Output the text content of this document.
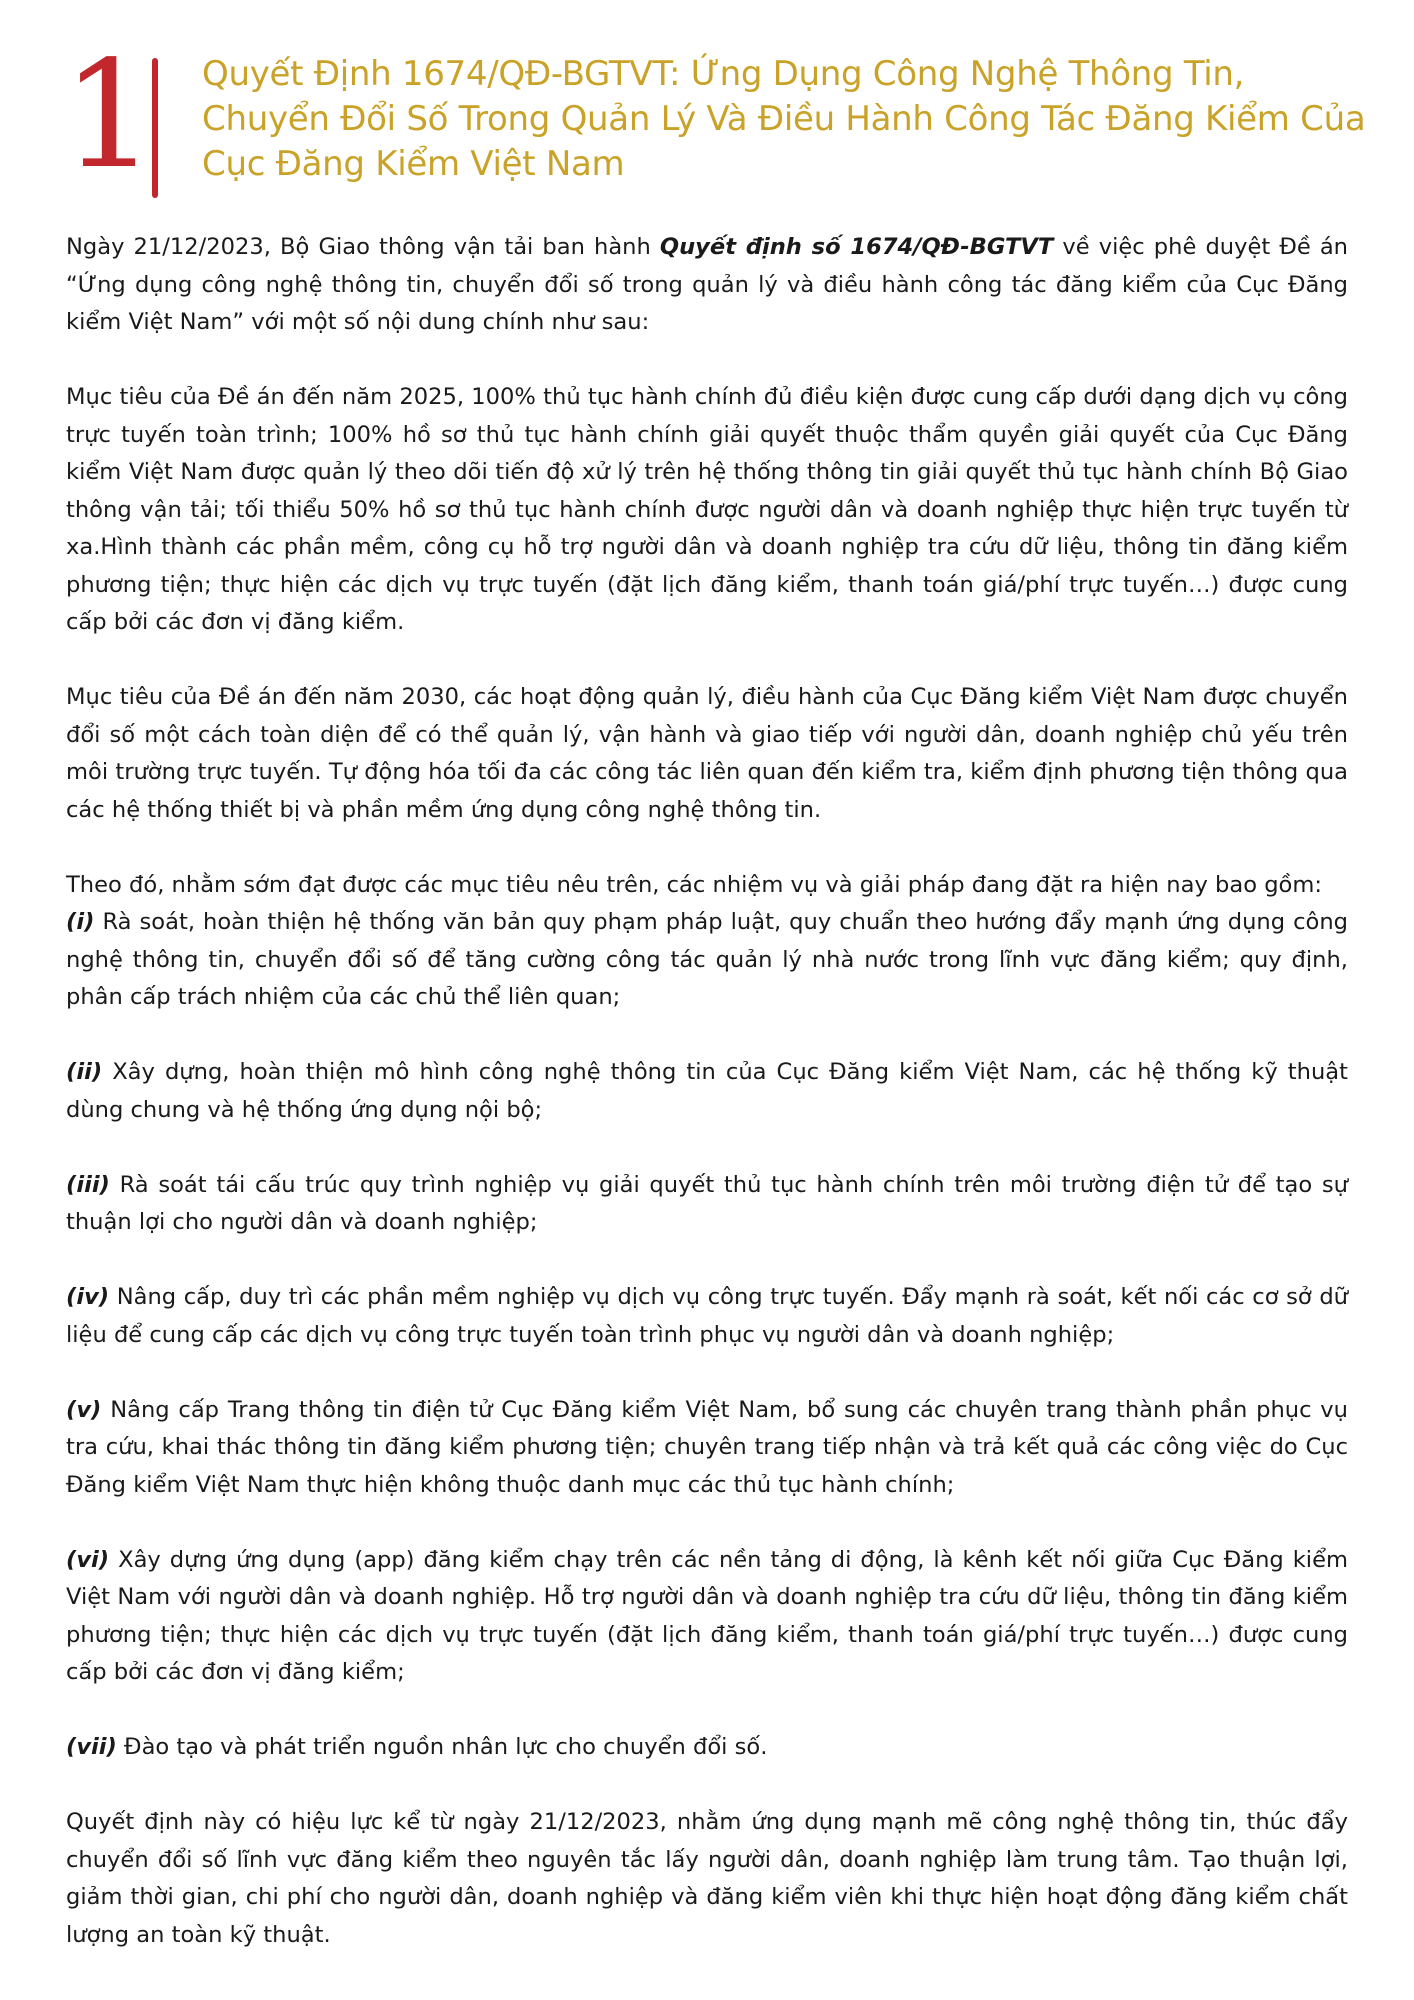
1 Quyết Định 1674/QĐ-BGTVT: Ứng Dụng Công Nghệ Thông Tin, Chuyển Đổi Số Trong Quản Lý Và Điều Hành Công Tác Đăng Kiểm Của Cục Đăng Kiểm Việt Nam

Ngày 21/12/2023, Bộ Giao thông vận tải ban hành Quyết định số 1674/QĐ-BGTVT về việc phê duyệt Đề án “Ứng dụng công nghệ thông tin, chuyển đổi số trong quản lý và điều hành công tác đăng kiểm của Cục Đăng kiểm Việt Nam” với một số nội dung chính như sau:

Mục tiêu của Đề án đến năm 2025, 100% thủ tục hành chính đủ điều kiện được cung cấp dưới dạng dịch vụ công trực tuyến toàn trình; 100% hồ sơ thủ tục hành chính giải quyết thuộc thẩm quyền giải quyết của Cục Đăng kiểm Việt Nam được quản lý theo dõi tiến độ xử lý trên hệ thống thông tin giải quyết thủ tục hành chính Bộ Giao thông vận tải; tối thiểu 50% hồ sơ thủ tục hành chính được người dân và doanh nghiệp thực hiện trực tuyến từ xa.Hình thành các phần mềm, công cụ hỗ trợ người dân và doanh nghiệp tra cứu dữ liệu, thông tin đăng kiểm phương tiện; thực hiện các dịch vụ trực tuyến (đặt lịch đăng kiểm, thanh toán giá/phí trực tuyến…) được cung cấp bởi các đơn vị đăng kiểm.

Mục tiêu của Đề án đến năm 2030, các hoạt động quản lý, điều hành của Cục Đăng kiểm Việt Nam được chuyển đổi số một cách toàn diện để có thể quản lý, vận hành và giao tiếp với người dân, doanh nghiệp chủ yếu trên môi trường trực tuyến. Tự động hóa tối đa các công tác liên quan đến kiểm tra, kiểm định phương tiện thông qua các hệ thống thiết bị và phần mềm ứng dụng công nghệ thông tin.

Theo đó, nhằm sớm đạt được các mục tiêu nêu trên, các nhiệm vụ và giải pháp đang đặt ra hiện nay bao gồm:

(i) Rà soát, hoàn thiện hệ thống văn bản quy phạm pháp luật, quy chuẩn theo hướng đẩy mạnh ứng dụng công nghệ thông tin, chuyển đổi số để tăng cường công tác quản lý nhà nước trong lĩnh vực đăng kiểm; quy định, phân cấp trách nhiệm của các chủ thể liên quan;

(ii) Xây dựng, hoàn thiện mô hình công nghệ thông tin của Cục Đăng kiểm Việt Nam, các hệ thống kỹ thuật dùng chung và hệ thống ứng dụng nội bộ;

(iii) Rà soát tái cấu trúc quy trình nghiệp vụ giải quyết thủ tục hành chính trên môi trường điện tử để tạo sự thuận lợi cho người dân và doanh nghiệp;

(iv) Nâng cấp, duy trì các phần mềm nghiệp vụ dịch vụ công trực tuyến. Đẩy mạnh rà soát, kết nối các cơ sở dữ liệu để cung cấp các dịch vụ công trực tuyến toàn trình phục vụ người dân và doanh nghiệp;

(v) Nâng cấp Trang thông tin điện tử Cục Đăng kiểm Việt Nam, bổ sung các chuyên trang thành phần phục vụ tra cứu, khai thác thông tin đăng kiểm phương tiện; chuyên trang tiếp nhận và trả kết quả các công việc do Cục Đăng kiểm Việt Nam thực hiện không thuộc danh mục các thủ tục hành chính;

(vi) Xây dựng ứng dụng (app) đăng kiểm chạy trên các nền tảng di động, là kênh kết nối giữa Cục Đăng kiểm Việt Nam với người dân và doanh nghiệp. Hỗ trợ người dân và doanh nghiệp tra cứu dữ liệu, thông tin đăng kiểm phương tiện; thực hiện các dịch vụ trực tuyến (đặt lịch đăng kiểm, thanh toán giá/phí trực tuyến…) được cung cấp bởi các đơn vị đăng kiểm;

(vii) Đào tạo và phát triển nguồn nhân lực cho chuyển đổi số.

Quyết định này có hiệu lực kể từ ngày 21/12/2023, nhằm ứng dụng mạnh mẽ công nghệ thông tin, thúc đẩy chuyển đổi số lĩnh vực đăng kiểm theo nguyên tắc lấy người dân, doanh nghiệp làm trung tâm. Tạo thuận lợi, giảm thời gian, chi phí cho người dân, doanh nghiệp và đăng kiểm viên khi thực hiện hoạt động đăng kiểm chất lượng an toàn kỹ thuật.
